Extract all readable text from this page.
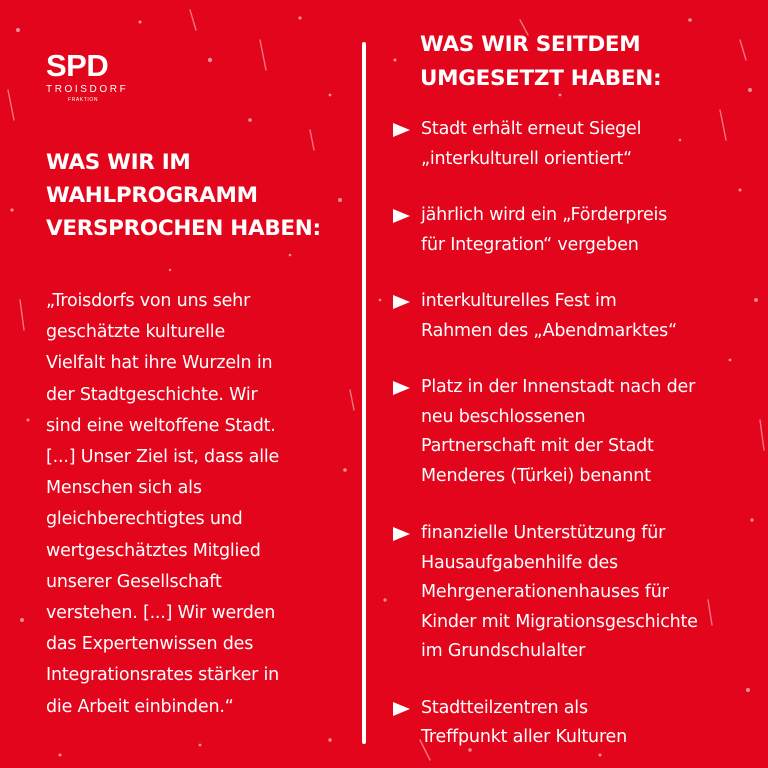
SPD
TROISDORF
FRAKTION
WAS WIR IM
WAHLPROGRAMM
VERSPROCHEN HABEN:
„Troisdorfs von uns sehr
geschätzte kulturelle
Vielfalt hat ihre Wurzeln in
der Stadtgeschichte. Wir
sind eine weltoffene Stadt.
[...] Unser Ziel ist, dass alle
Menschen sich als
gleichberechtigtes und
wertgeschätztes Mitglied
unserer Gesellschaft
verstehen. [...] Wir werden
das Expertenwissen des
Integrationsrates stärker in
die Arbeit einbinden.“
WAS WIR SEITDEM
UMGESETZT HABEN:
Stadt erhält erneut Siegel
„interkulturell orientiert“
jährlich wird ein „Förderpreis
für Integration“ vergeben
interkulturelles Fest im
Rahmen des „Abendmarktes“
Platz in der Innenstadt nach der
neu beschlossenen
Partnerschaft mit der Stadt
Menderes (Türkei) benannt
finanzielle Unterstützung für
Hausaufgabenhilfe des
Mehrgenerationenhauses für
Kinder mit Migrationsgeschichte
im Grundschulalter
Stadtteilzentren als
Treffpunkt aller Kulturen
